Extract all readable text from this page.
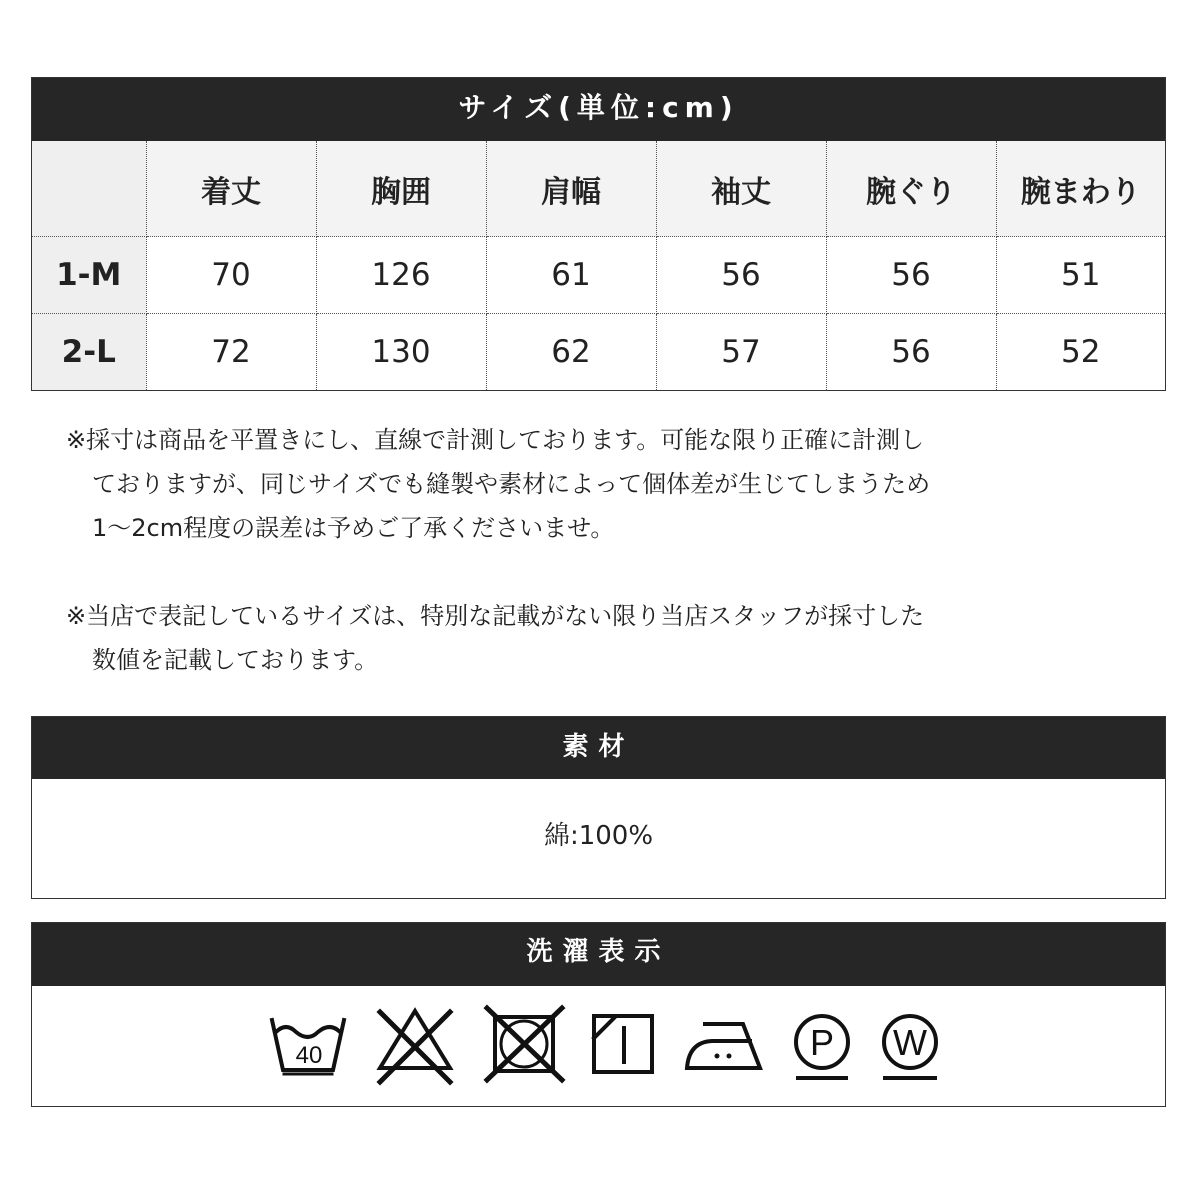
サイズ(単位:cm)
	着丈	胸囲	肩幅	袖丈	腕ぐり	腕まわり
1-M	70	126	61	56	56	51
2-L	72	130	62	57	56	52

※採寸は商品を平置きにし、直線で計測しております。可能な限り正確に計測し

ておりますが、同じサイズでも縫製や素材によって個体差が生じてしまうため

1～2cm程度の誤差は予めご了承くださいませ。

※当店で表記しているサイズは、特別な記載がない限り当店スタッフが採寸した

数値を記載しております。

素材
綿:100%
洗濯表示
40	P W
